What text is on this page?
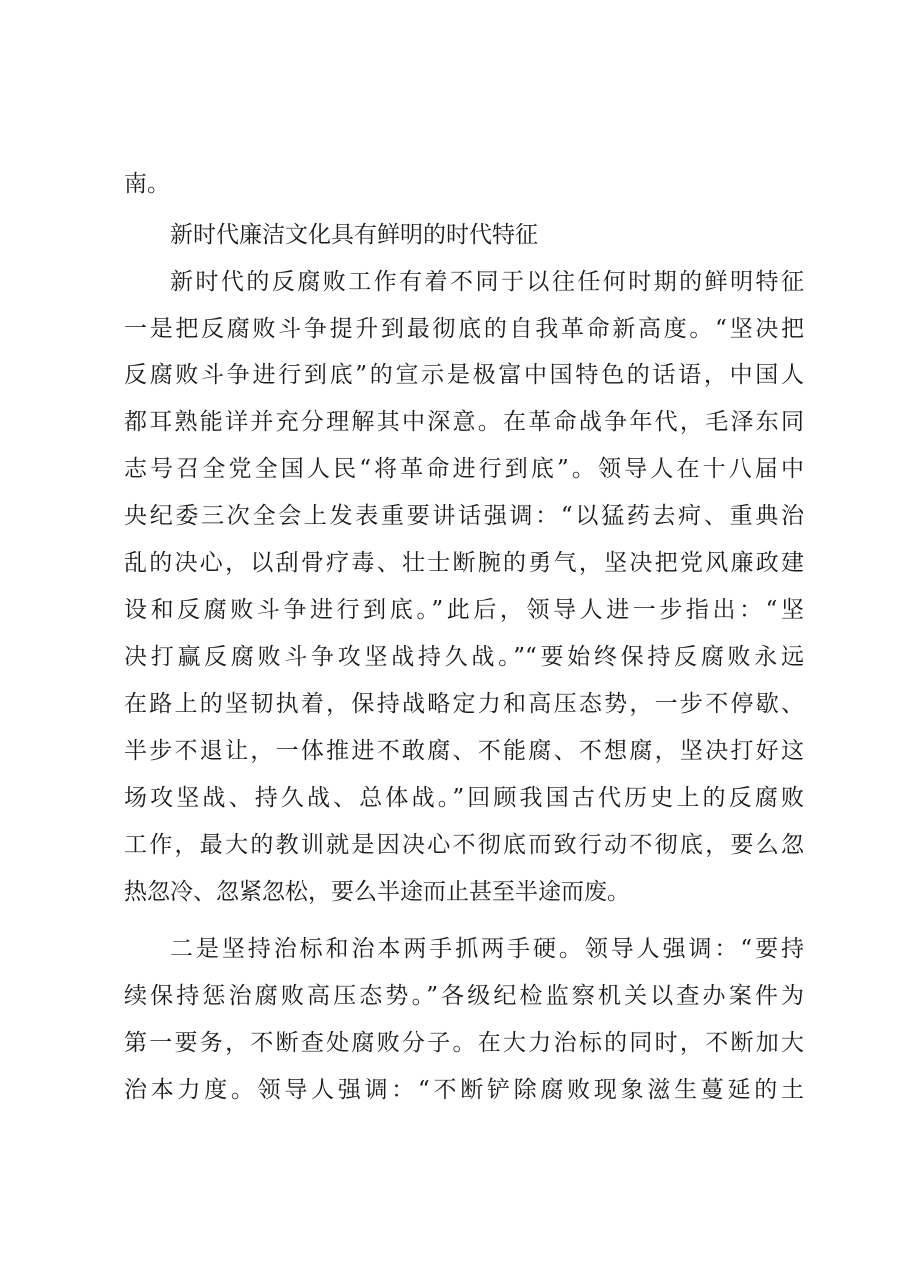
南。
新时代廉洁文化具有鲜明的时代特征
新时代的反腐败工作有着不同于以往任何时期的鲜明特征
一是把反腐败斗争提升到最彻底的自我革命新高度。“坚决把
反腐败斗争进行到底”的宣示是极富中国特色的话语，中国人
都耳熟能详并充分理解其中深意。在革命战争年代，毛泽东同
志号召全党全国人民“将革命进行到底”。领导人在十八届中
央纪委三次全会上发表重要讲话强调：“以猛药去疴、重典治
乱的决心，以刮骨疗毒、壮士断腕的勇气，坚决把党风廉政建
设和反腐败斗争进行到底。”此后，领导人进一步指出：“坚
决打赢反腐败斗争攻坚战持久战。”“要始终保持反腐败永远
在路上的坚韧执着，保持战略定力和高压态势，一步不停歇、
半步不退让，一体推进不敢腐、不能腐、不想腐，坚决打好这
场攻坚战、持久战、总体战。”回顾我国古代历史上的反腐败
工作，最大的教训就是因决心不彻底而致行动不彻底，要么忽
热忽冷、忽紧忽松，要么半途而止甚至半途而废。
二是坚持治标和治本两手抓两手硬。领导人强调：“要持
续保持惩治腐败高压态势。”各级纪检监察机关以查办案件为
第一要务，不断查处腐败分子。在大力治标的同时，不断加大
治本力度。领导人强调：“不断铲除腐败现象滋生蔓延的土
